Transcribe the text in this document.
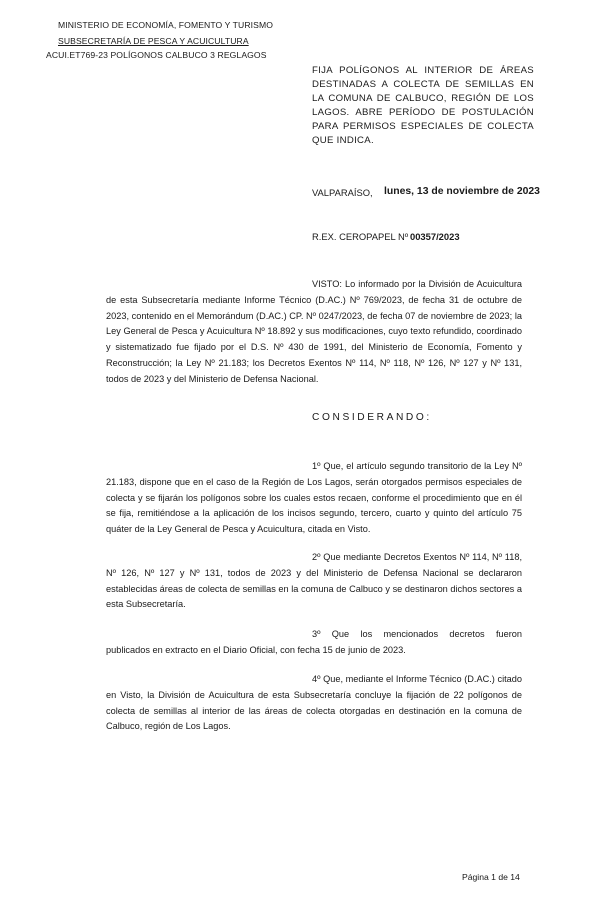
MINISTERIO DE ECONOMÍA, FOMENTO Y TURISMO
SUBSECRETARÍA DE PESCA Y ACUICULTURA
ACUI.ET769-23 POLÍGONOS CALBUCO 3 REGLAGOS
FIJA POLÍGONOS AL INTERIOR DE ÁREAS DESTINADAS A COLECTA DE SEMILLAS EN LA COMUNA DE CALBUCO, REGIÓN DE LOS LAGOS. ABRE PERÍODO DE POSTULACIÓN PARA PERMISOS ESPECIALES DE COLECTA QUE INDICA.
VALPARAÍSO, lunes, 13 de noviembre de 2023
R.EX. CEROPAPEL Nº 00357/2023
VISTO: Lo informado por la División de Acuicultura de esta Subsecretaría mediante Informe Técnico (D.AC.) Nº 769/2023, de fecha 31 de octubre de 2023, contenido en el Memorándum (D.AC.) CP. Nº 0247/2023, de fecha 07 de noviembre de 2023; la Ley General de Pesca y Acuicultura Nº 18.892 y sus modificaciones, cuyo texto refundido, coordinado y sistematizado fue fijado por el D.S. Nº 430 de 1991, del Ministerio de Economía, Fomento y Reconstrucción; la Ley Nº 21.183; los Decretos Exentos Nº 114, Nº 118, Nº 126, Nº 127 y Nº 131, todos de 2023 y del Ministerio de Defensa Nacional.
CONSIDERANDO:
1º Que, el artículo segundo transitorio de la Ley Nº 21.183, dispone que en el caso de la Región de Los Lagos, serán otorgados permisos especiales de colecta y se fijarán los polígonos sobre los cuales estos recaen, conforme el procedimiento que en él se fija, remitiéndose a la aplicación de los incisos segundo, tercero, cuarto y quinto del artículo 75 quáter de la Ley General de Pesca y Acuicultura, citada en Visto.
2º Que mediante Decretos Exentos Nº 114, Nº 118, Nº 126, Nº 127 y Nº 131, todos de 2023 y del Ministerio de Defensa Nacional se declararon establecidas áreas de colecta de semillas en la comuna de Calbuco y se destinaron dichos sectores a esta Subsecretaría.
3º Que los mencionados decretos fueron publicados en extracto en el Diario Oficial, con fecha 15 de junio de 2023.
4º Que, mediante el Informe Técnico (D.AC.) citado en Visto, la División de Acuicultura de esta Subsecretaría concluye la fijación de 22 polígonos de colecta de semillas al interior de las áreas de colecta otorgadas en destinación en la comuna de Calbuco, región de Los Lagos.
Página 1 de 14
